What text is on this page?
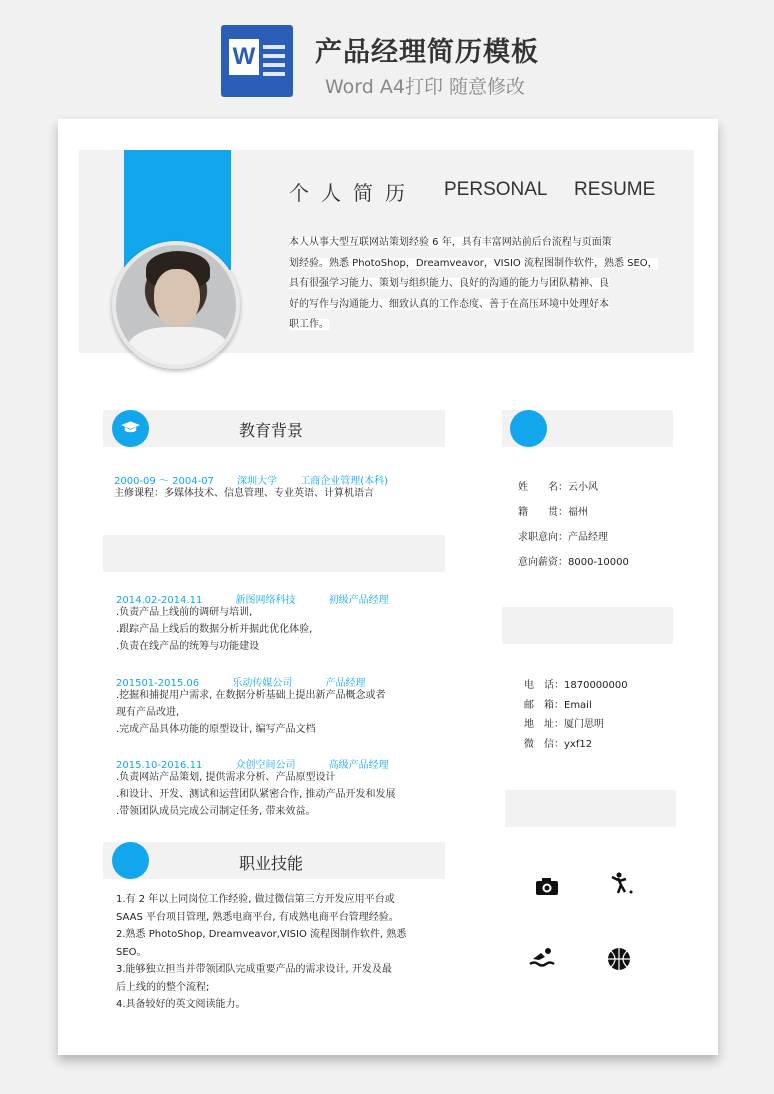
W 产品经理简历模板
Word A4打印 随意修改
个人简历 PERSONAL RESUME
本人从事大型互联网站策划经验 6 年，具有丰富网站前后台流程与页面策
划经验。熟悉 PhotoShop，Dreamveavor，VISIO 流程图制作软件，熟悉 SEO，
具有很强学习能力、策划与组织能力、良好的沟通的能力与团队精神、良
好的写作与沟通能力、细致认真的工作态度、善于在高压环境中处理好本
职工作。
教育背景
2000-09 ～ 2004-07　　 深圳大学　　 工商企业管理(本科)
主修课程：多媒体技术、信息管理、专业英语、计算机语言
2014.02-2014.11　　　 新图网络科技　　　 初级产品经理
.负责产品上线前的调研与培训,
.跟踪产品上线后的数据分析并据此优化体验,
.负责在线产品的统筹与功能建设
201501-2015.06　　　 乐动传媒公司　　　 产品经理
.挖掘和捕捉用户需求, 在数据分析基础上提出新产品概念或者
现有产品改进,
.完成产品具体功能的原型设计, 编写产品文档
2015.10-2016.11　　　 众创空间公司　　　 高级产品经理
.负责网站产品策划, 提供需求分析、产品原型设计
.和设计、开发、测试和运营团队紧密合作, 推动产品开发和发展
.带领团队成员完成公司制定任务, 带来效益。
职业技能
1.有 2 年以上同岗位工作经验, 做过微信第三方开发应用平台或
SAAS 平台项目管理, 熟悉电商平台, 有成熟电商平台管理经验。
2.熟悉 PhotoShop, Dreamveavor,VISIO 流程图制作软件, 熟悉
SEO。
3.能够独立担当并带领团队完成重要产品的需求设计, 开发及最
后上线的的整个流程;
4.具备较好的英文阅读能力。
姓　　名：云小风
籍　　贯：福州
求职意向：产品经理
意向薪资：8000-10000
电　话：1870000000
邮　箱：Email
地　址：厦门思明
微　信：yxf12
